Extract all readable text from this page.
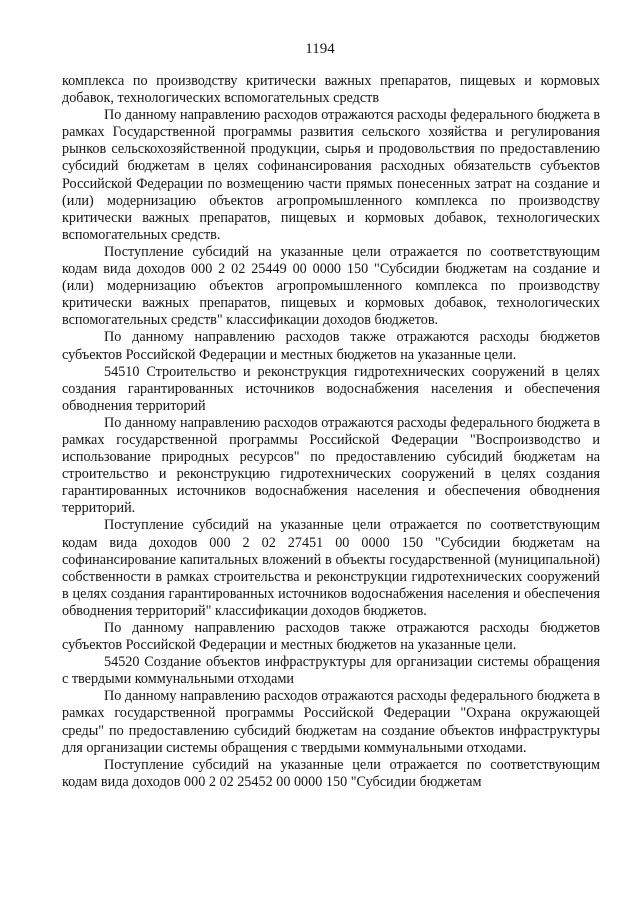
1194

комплекса по производству критически важных препаратов, пищевых и кормовых добавок, технологических вспомогательных средств

По данному направлению расходов отражаются расходы федерального бюджета в рамках Государственной программы развития сельского хозяйства и регулирования рынков сельскохозяйственной продукции, сырья и продовольствия по предоставлению субсидий бюджетам в целях софинансирования расходных обязательств субъектов Российской Федерации по возмещению части прямых понесенных затрат на создание и (или) модернизацию объектов агропромышленного комплекса по производству критически важных препаратов, пищевых и кормовых добавок, технологических вспомогательных средств.

Поступление субсидий на указанные цели отражается по соответствующим кодам вида доходов 000 2 02 25449 00 0000 150 "Субсидии бюджетам на создание и (или) модернизацию объектов агропромышленного комплекса по производству критически важных препаратов, пищевых и кормовых добавок, технологических вспомогательных средств" классификации доходов бюджетов.

По данному направлению расходов также отражаются расходы бюджетов субъектов Российской Федерации и местных бюджетов на указанные цели.

54510 Строительство и реконструкция гидротехнических сооружений в целях создания гарантированных источников водоснабжения населения и обеспечения обводнения территорий

По данному направлению расходов отражаются расходы федерального бюджета в рамках государственной программы Российской Федерации "Воспроизводство и использование природных ресурсов" по предоставлению субсидий бюджетам на строительство и реконструкцию гидротехнических сооружений в целях создания гарантированных источников водоснабжения населения и обеспечения обводнения территорий.

Поступление субсидий на указанные цели отражается по соответствующим кодам вида доходов 000 2 02 27451 00 0000 150 "Субсидии бюджетам на софинансирование капитальных вложений в объекты государственной (муниципальной) собственности в рамках строительства и реконструкции гидротехнических сооружений в целях создания гарантированных источников водоснабжения населения и обеспечения обводнения территорий" классификации доходов бюджетов.

По данному направлению расходов также отражаются расходы бюджетов субъектов Российской Федерации и местных бюджетов на указанные цели.

54520 Создание объектов инфраструктуры для организации системы обращения с твердыми коммунальными отходами

По данному направлению расходов отражаются расходы федерального бюджета в рамках государственной программы Российской Федерации "Охрана окружающей среды" по предоставлению субсидий бюджетам на создание объектов инфраструктуры для организации системы обращения с твердыми коммунальными отходами.

Поступление субсидий на указанные цели отражается по соответствующим кодам вида доходов 000 2 02 25452 00 0000 150 "Субсидии бюджетам
